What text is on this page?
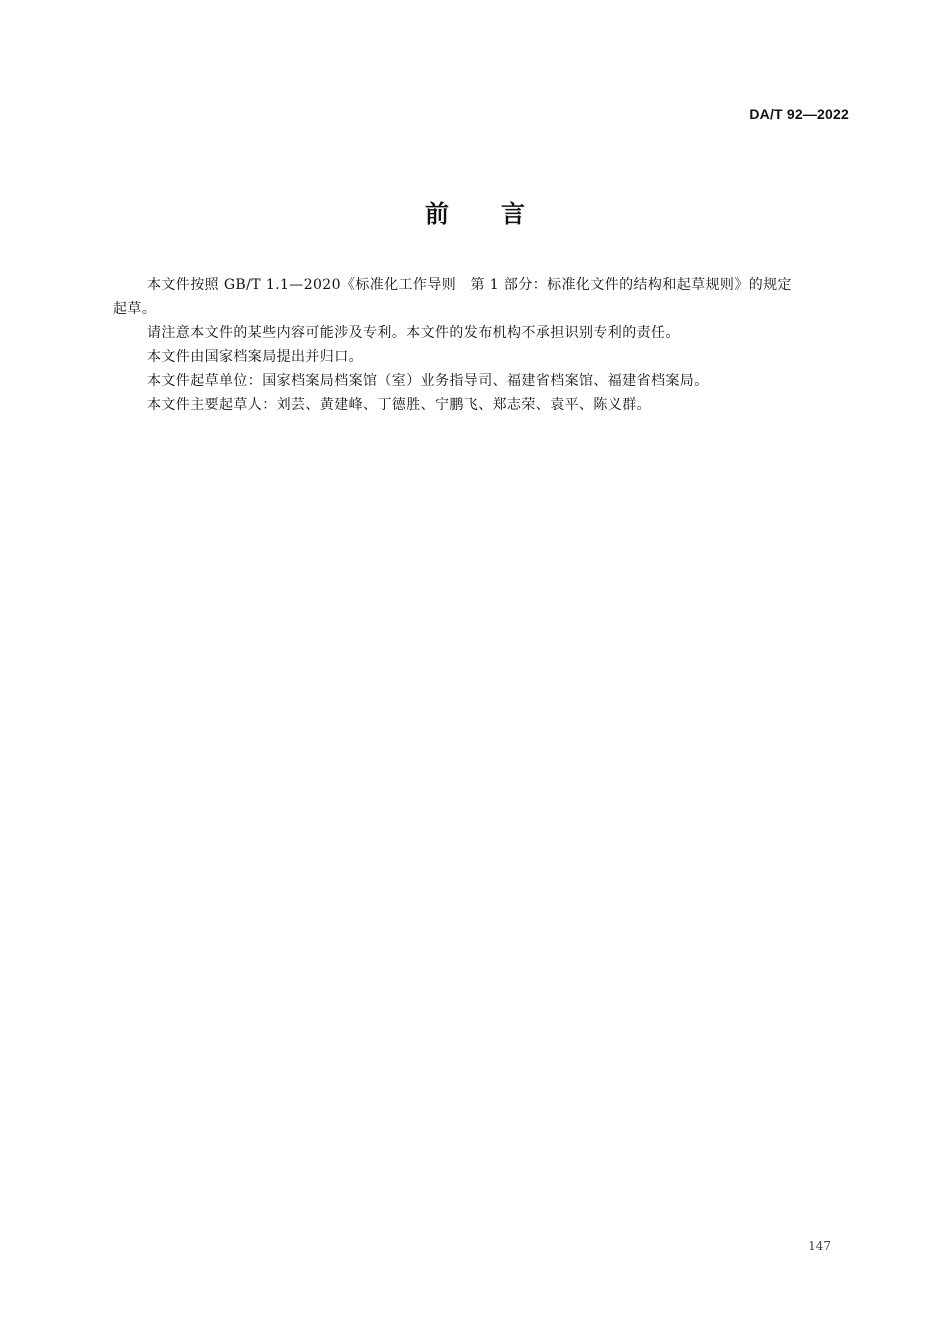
DA/T 92—2022
前言

本文件按照 GB/T 1.1—2020《标准化工作导则　第 1 部分：标准化文件的结构和起草规则》的规定
起草。

请注意本文件的某些内容可能涉及专利。本文件的发布机构不承担识别专利的责任。

本文件由国家档案局提出并归口。

本文件起草单位：国家档案局档案馆（室）业务指导司、福建省档案馆、福建省档案局。

本文件主要起草人：刘芸、黄建峰、丁德胜、宁鹏飞、郑志荣、袁平、陈义群。

147
